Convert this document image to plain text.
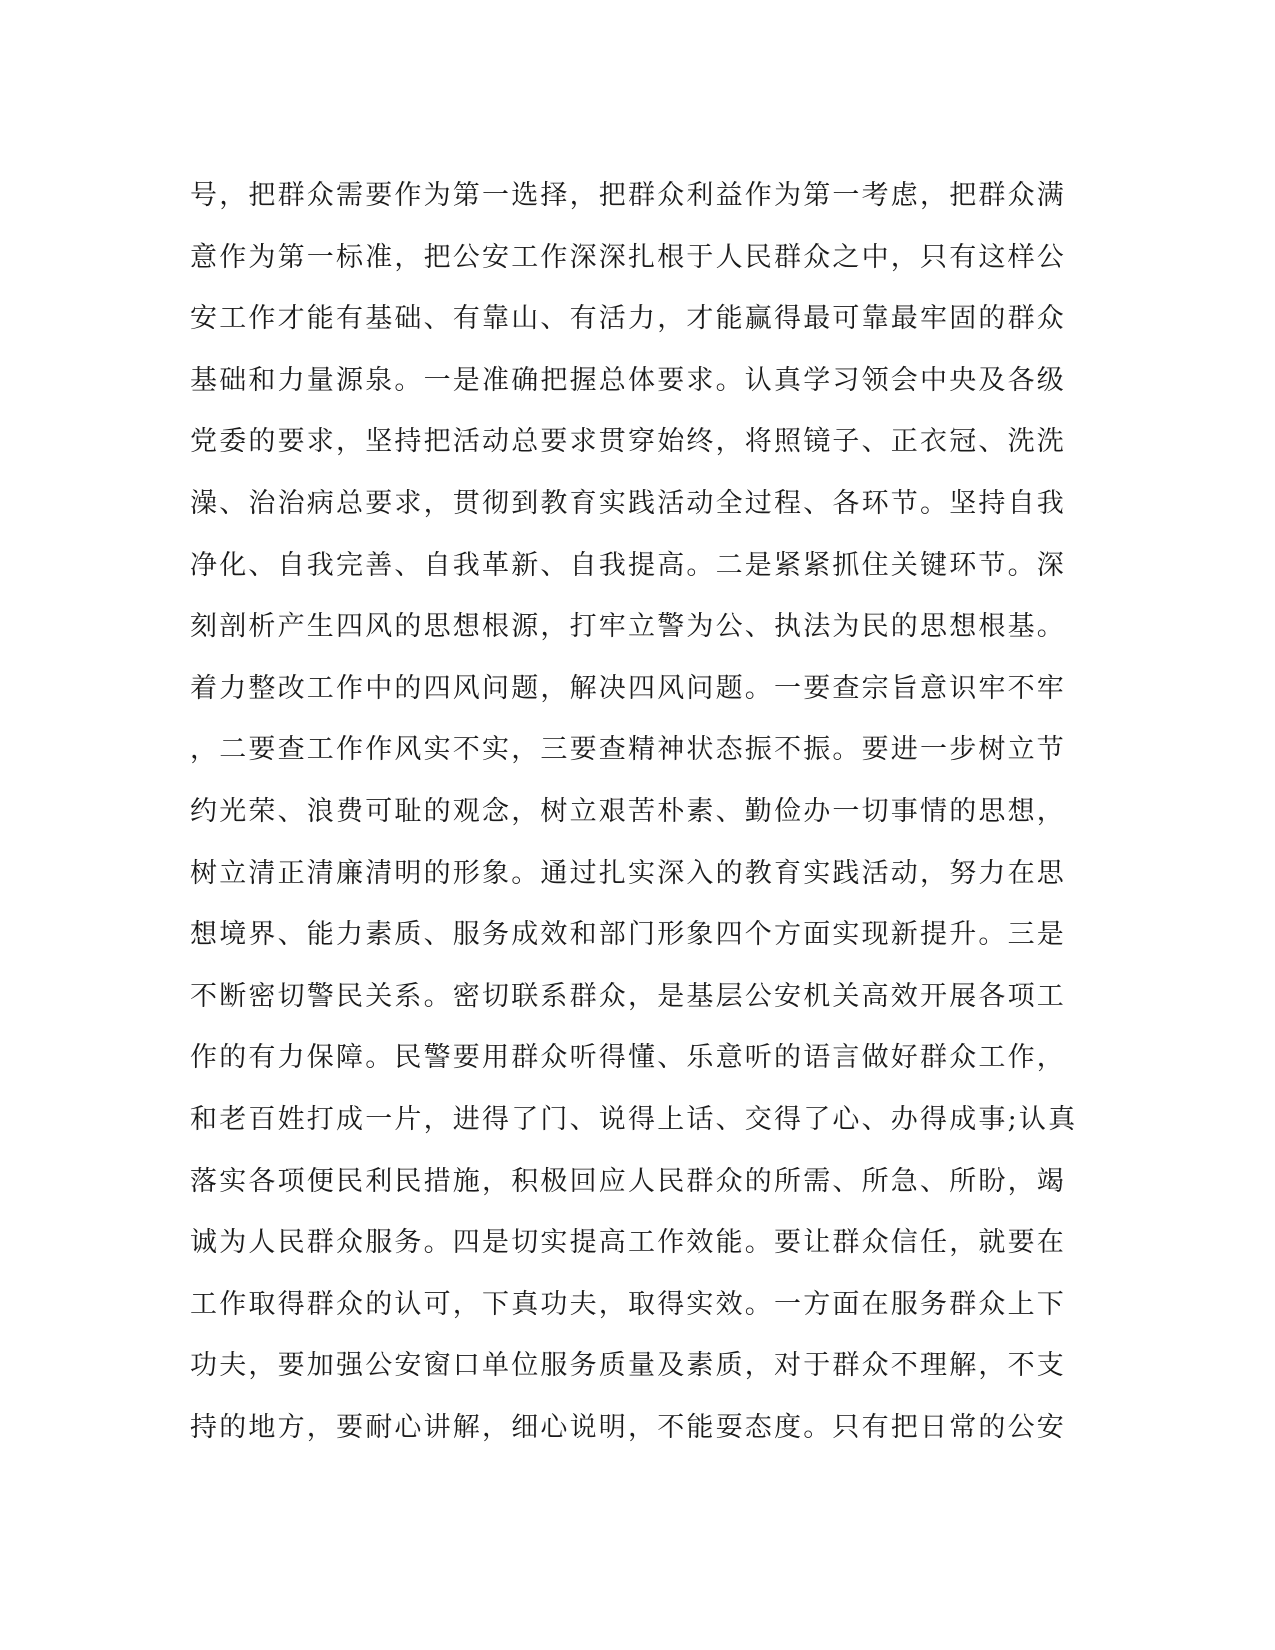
号，把群众需要作为第一选择，把群众利益作为第一考虑，把群众满
意作为第一标准，把公安工作深深扎根于人民群众之中，只有这样公
安工作才能有基础、有靠山、有活力，才能赢得最可靠最牢固的群众
基础和力量源泉。一是准确把握总体要求。认真学习领会中央及各级
党委的要求，坚持把活动总要求贯穿始终，将照镜子、正衣冠、洗洗
澡、治治病总要求，贯彻到教育实践活动全过程、各环节。坚持自我
净化、自我完善、自我革新、自我提高。二是紧紧抓住关键环节。深
刻剖析产生四风的思想根源，打牢立警为公、执法为民的思想根基。
着力整改工作中的四风问题，解决四风问题。一要查宗旨意识牢不牢
，二要查工作作风实不实，三要查精神状态振不振。要进一步树立节
约光荣、浪费可耻的观念，树立艰苦朴素、勤俭办一切事情的思想，
树立清正清廉清明的形象。通过扎实深入的教育实践活动，努力在思
想境界、能力素质、服务成效和部门形象四个方面实现新提升。三是
不断密切警民关系。密切联系群众，是基层公安机关高效开展各项工
作的有力保障。民警要用群众听得懂、乐意听的语言做好群众工作，
和老百姓打成一片，进得了门、说得上话、交得了心、办得成事;认真
落实各项便民利民措施，积极回应人民群众的所需、所急、所盼，竭
诚为人民群众服务。四是切实提高工作效能。要让群众信任，就要在
工作取得群众的认可，下真功夫，取得实效。一方面在服务群众上下
功夫，要加强公安窗口单位服务质量及素质，对于群众不理解，不支
持的地方，要耐心讲解，细心说明，不能耍态度。只有把日常的公安
